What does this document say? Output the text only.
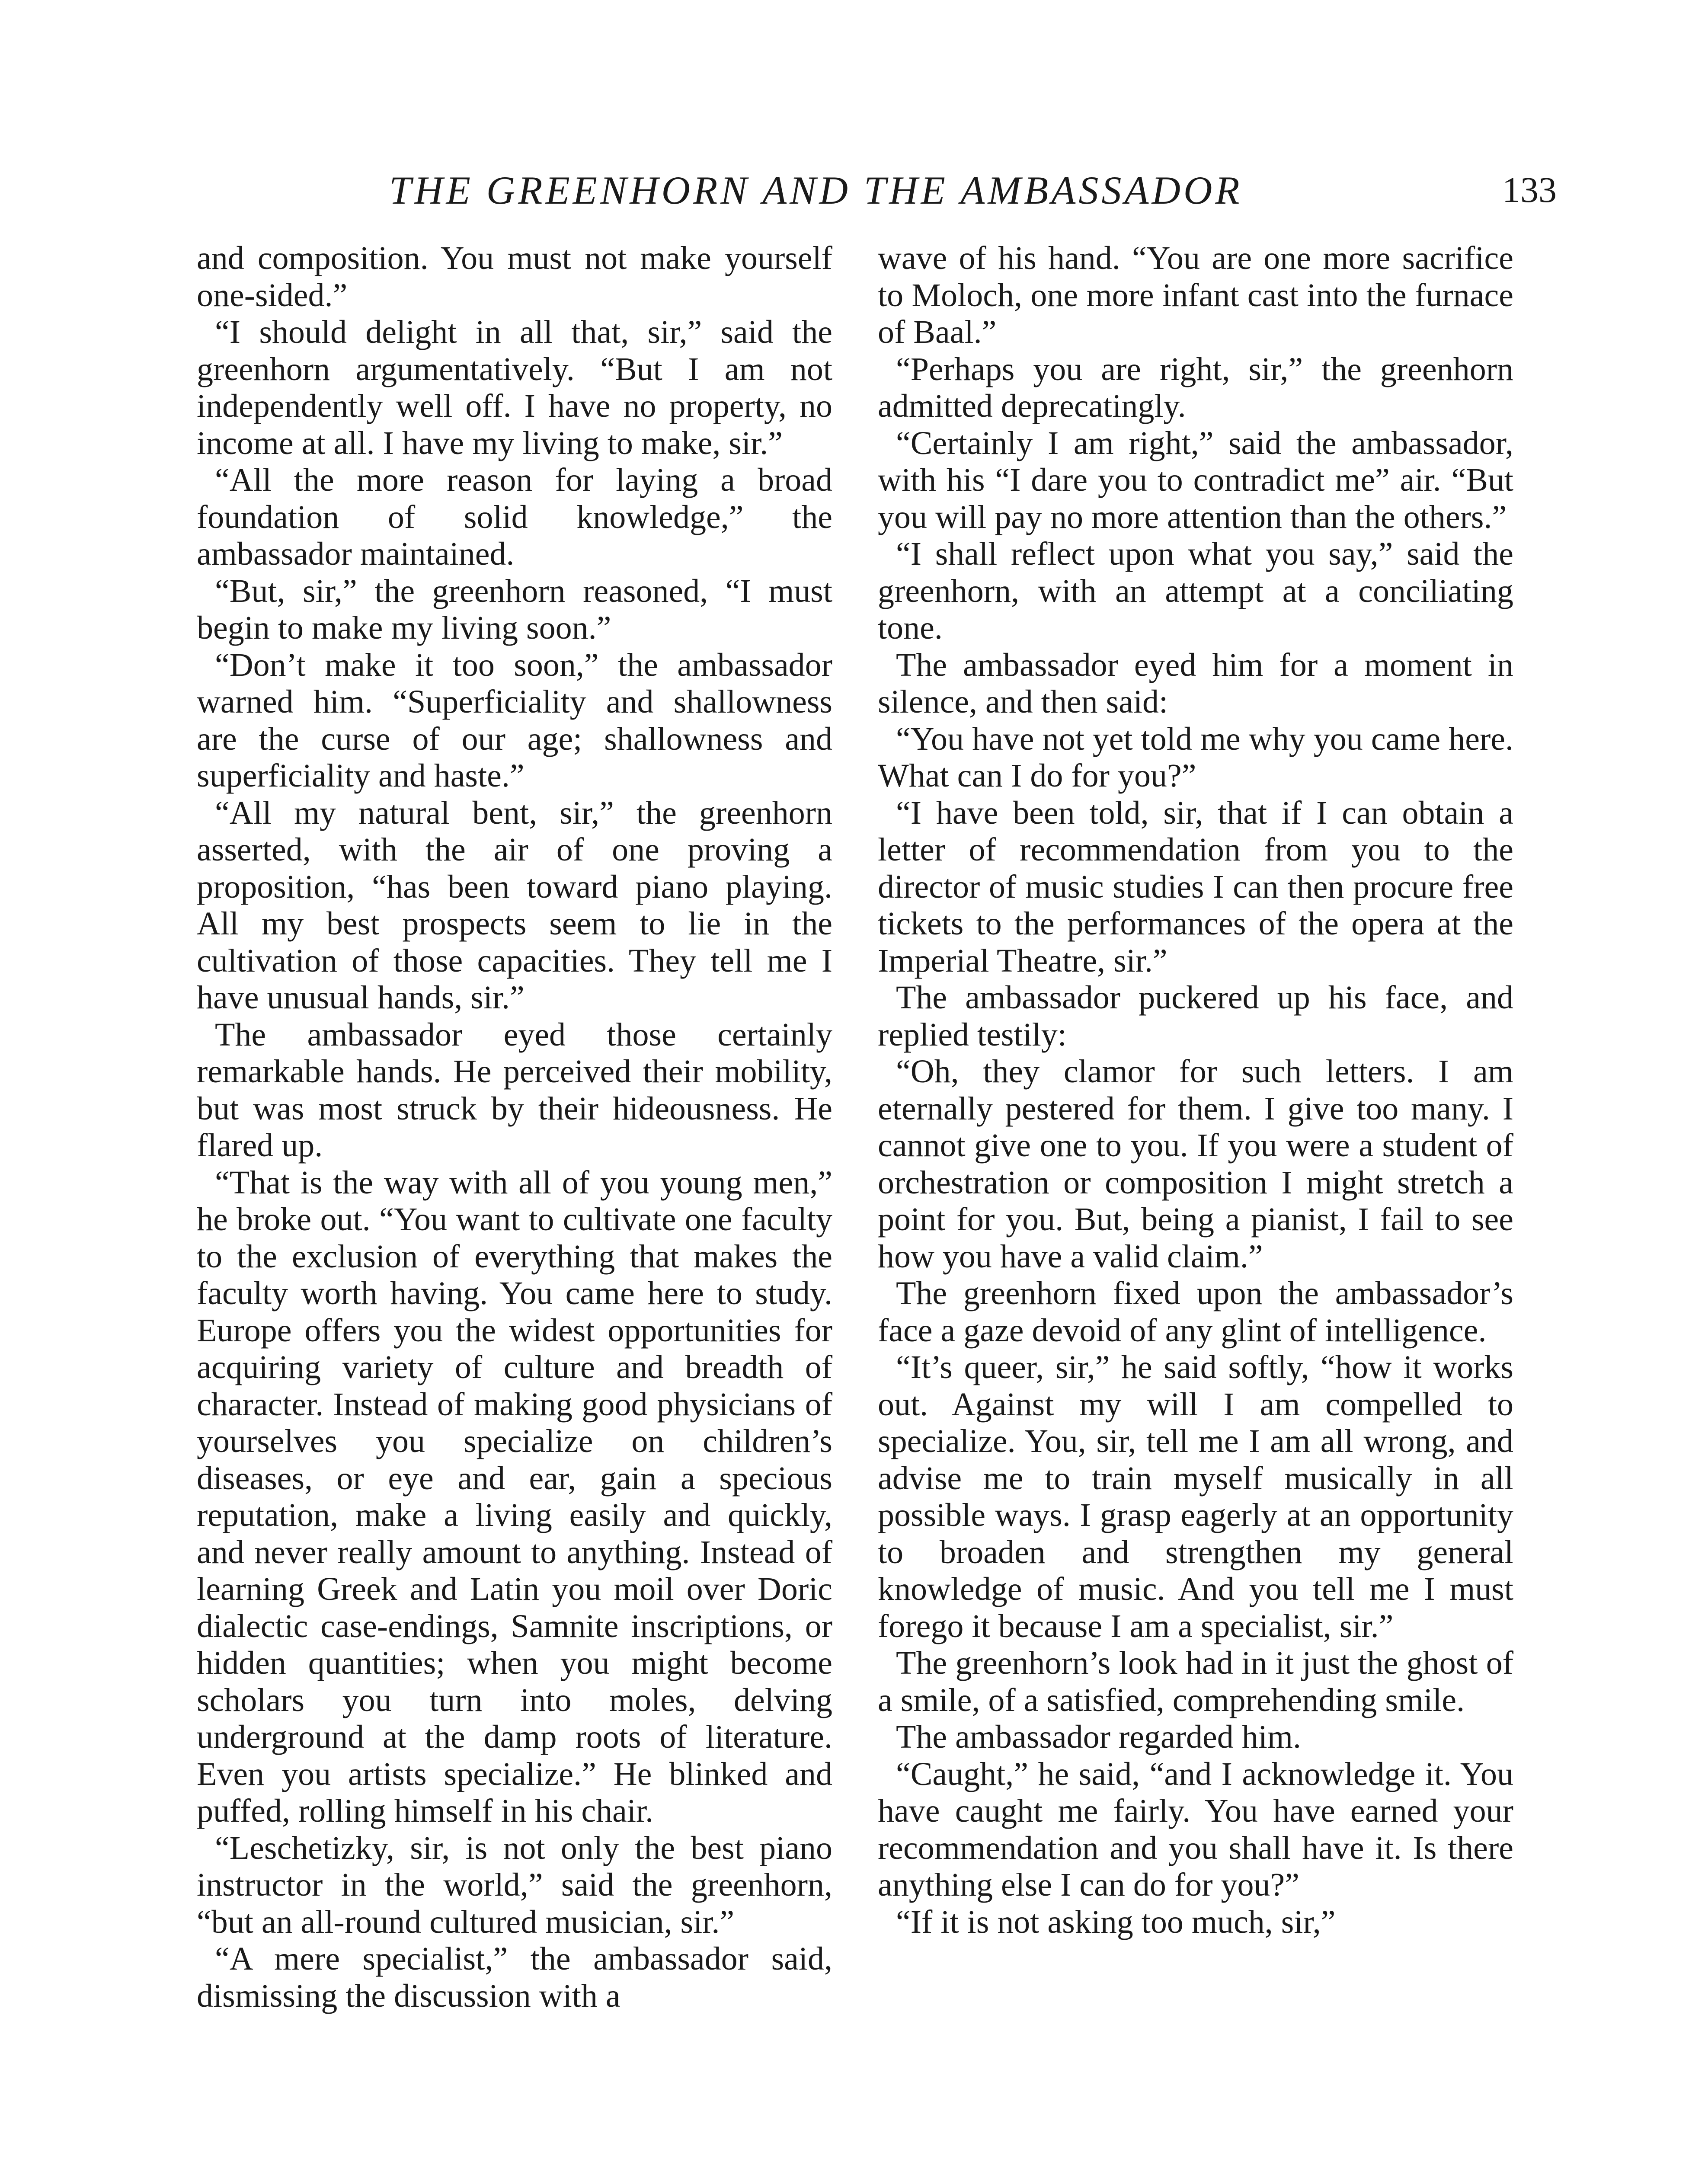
THE GREENHORN AND THE AMBASSADOR	133

and composition. You must not make yourself one-sided.”

“I should delight in all that, sir,” said the greenhorn argumentatively. “But I am not independently well off. I have no property, no income at all. I have my living to make, sir.”

“All the more reason for laying a broad foundation of solid knowledge,” the ambassador maintained.

“But, sir,” the greenhorn reasoned, “I must begin to make my living soon.”

“Don’t make it too soon,” the ambassador warned him. “Superficiality and shallowness are the curse of our age; shallowness and superficiality and haste.”

“All my natural bent, sir,” the greenhorn asserted, with the air of one proving a proposition, “has been toward piano playing. All my best prospects seem to lie in the cultivation of those capacities. They tell me I have unusual hands, sir.”

The ambassador eyed those certainly remarkable hands. He perceived their mobility, but was most struck by their hideousness. He flared up.

“That is the way with all of you young men,” he broke out. “You want to cultivate one faculty to the exclusion of everything that makes the faculty worth having. You came here to study. Europe offers you the widest opportunities for acquiring variety of culture and breadth of character. Instead of making good physicians of yourselves you specialize on children’s diseases, or eye and ear, gain a specious reputation, make a living easily and quickly, and never really amount to anything. Instead of learning Greek and Latin you moil over Doric dialectic case-endings, Samnite inscriptions, or hidden quantities; when you might become scholars you turn into moles, delving underground at the damp roots of literature. Even you artists specialize.” He blinked and puffed, rolling himself in his chair.

“Leschetizky, sir, is not only the best piano instructor in the world,” said the greenhorn, “but an all-round cultured musician, sir.”

“A mere specialist,” the ambassador said, dismissing the discussion with a

wave of his hand. “You are one more sacrifice to Moloch, one more infant cast into the furnace of Baal.”

“Perhaps you are right, sir,” the greenhorn admitted deprecatingly.

“Certainly I am right,” said the ambassador, with his “I dare you to contradict me” air. “But you will pay no more attention than the others.”

“I shall reflect upon what you say,” said the greenhorn, with an attempt at a conciliating tone.

The ambassador eyed him for a moment in silence, and then said:

“You have not yet told me why you came here. What can I do for you?”

“I have been told, sir, that if I can obtain a letter of recommendation from you to the director of music studies I can then procure free tickets to the performances of the opera at the Imperial Theatre, sir.”

The ambassador puckered up his face, and replied testily:

“Oh, they clamor for such letters. I am eternally pestered for them. I give too many. I cannot give one to you. If you were a student of orchestration or composition I might stretch a point for you. But, being a pianist, I fail to see how you have a valid claim.”

The greenhorn fixed upon the ambassador’s face a gaze devoid of any glint of intelligence.

“It’s queer, sir,” he said softly, “how it works out. Against my will I am compelled to specialize. You, sir, tell me I am all wrong, and advise me to train myself musically in all possible ways. I grasp eagerly at an opportunity to broaden and strengthen my general knowledge of music. And you tell me I must forego it because I am a specialist, sir.”

The greenhorn’s look had in it just the ghost of a smile, of a satisfied, comprehending smile.

The ambassador regarded him.

“Caught,” he said, “and I acknowledge it. You have caught me fairly. You have earned your recommendation and you shall have it. Is there anything else I can do for you?”

“If it is not asking too much, sir,”
